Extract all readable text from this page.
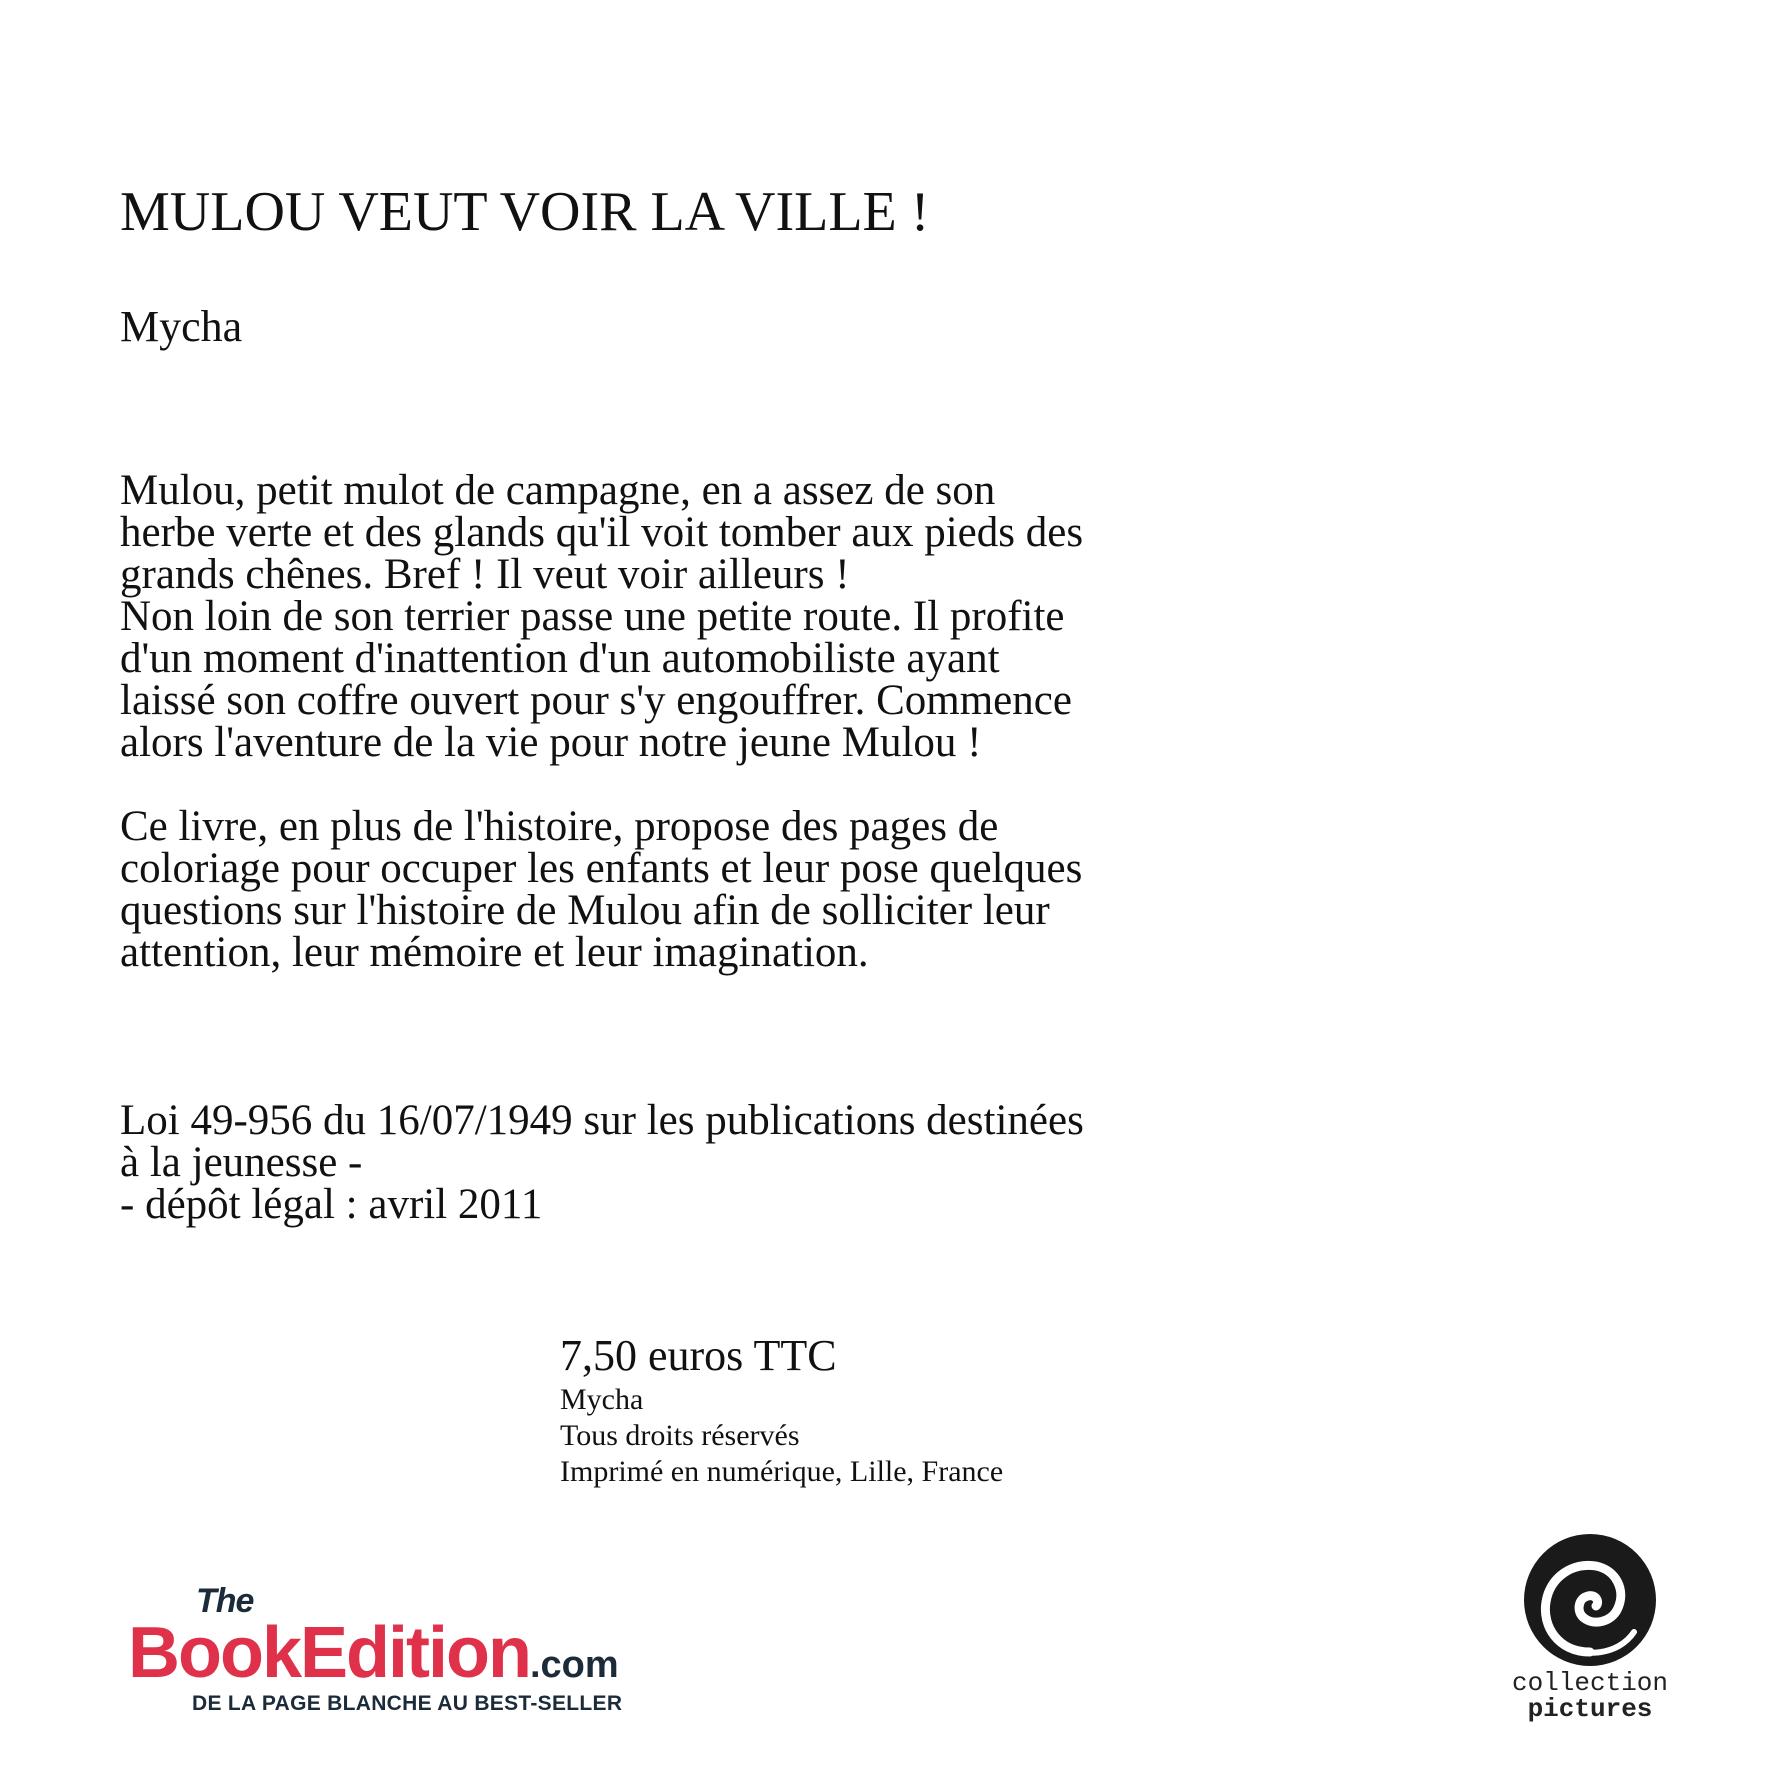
MULOU VEUT VOIR LA VILLE !
Mycha
Mulou, petit mulot de campagne, en a assez de son
herbe verte et des glands qu'il voit tomber aux pieds des
grands chênes. Bref ! Il veut voir ailleurs !
Non loin de son terrier passe une petite route. Il profite
d'un moment d'inattention d'un automobiliste ayant
laissé son coffre ouvert pour s'y engouffrer. Commence
alors l'aventure de la vie pour notre jeune Mulou !
Ce livre, en plus de l'histoire, propose des pages de
coloriage pour occuper les enfants et leur pose quelques
questions sur l'histoire de Mulou afin de solliciter leur
attention, leur mémoire et leur imagination.
Loi 49-956 du 16/07/1949 sur les publications destinées
à la jeunesse -
- dépôt légal : avril 2011
7,50 euros TTC
Mycha
Tous droits réservés
Imprimé en numérique, Lille, France
The
BookEdition.com
DE LA PAGE BLANCHE AU BEST-SELLER
collection
pictures
